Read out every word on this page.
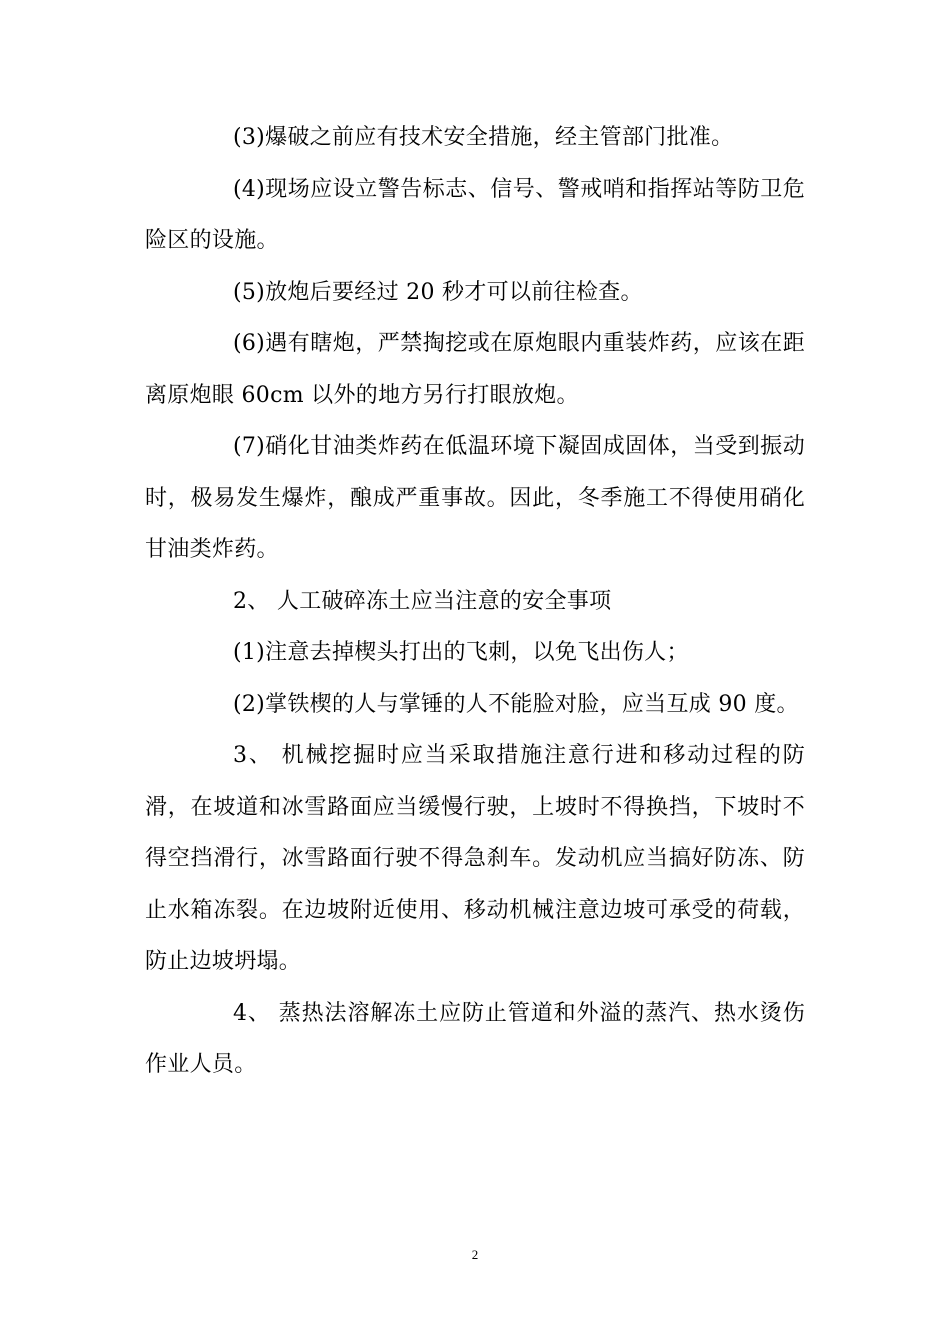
(3)爆破之前应有技术安全措施，经主管部门批准。

(4)现场应设立警告标志、信号、警戒哨和指挥站等防卫危险区的设施。

(5)放炮后要经过 20 秒才可以前往检查。

(6)遇有瞎炮，严禁掏挖或在原炮眼内重装炸药，应该在距离原炮眼 60cm 以外的地方另行打眼放炮。

(7)硝化甘油类炸药在低温环境下凝固成固体，当受到振动时，极易发生爆炸，酿成严重事故。因此，冬季施工不得使用硝化甘油类炸药。

2、 人工破碎冻土应当注意的安全事项

(1)注意去掉楔头打出的飞刺，以免飞出伤人；

(2)掌铁楔的人与掌锤的人不能脸对脸，应当互成 90 度。

3、 机械挖掘时应当采取措施注意行进和移动过程的防滑，在坡道和冰雪路面应当缓慢行驶，上坡时不得换挡，下坡时不得空挡滑行，冰雪路面行驶不得急刹车。发动机应当搞好防冻、防止水箱冻裂。在边坡附近使用、移动机械注意边坡可承受的荷载，防止边坡坍塌。

4、 蒸热法溶解冻土应防止管道和外溢的蒸汽、热水烫伤作业人员。

2
